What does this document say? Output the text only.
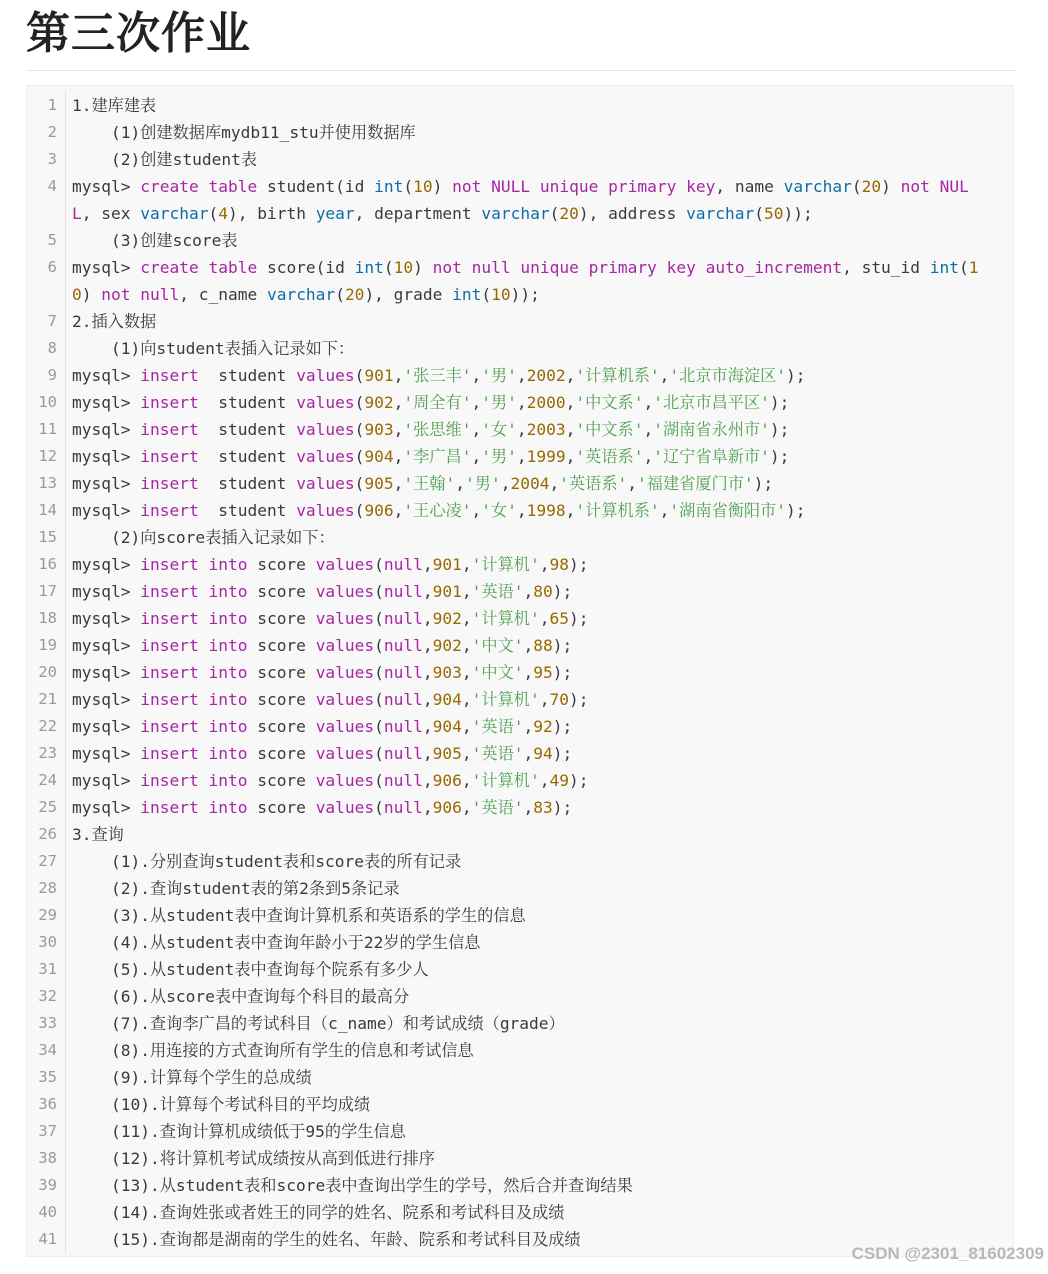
第三次作业
1 1.建库建表
2 (1)创建数据库mydb11_stu并使用数据库
3 (2)创建student表
4 mysql> create table student(id int(10) not NULL unique primary key, name varchar(20) not NULL, sex varchar(4), birth year, department varchar(20), address varchar(50));
5 (3)创建score表
6 mysql> create table score(id int(10) not null unique primary key auto_increment, stu_id int(10) not null, c_name varchar(20), grade int(10));
7 2.插入数据
8 (1)向student表插入记录如下：
9 mysql> insert  student values(901,'张三丰','男',2002,'计算机系','北京市海淀区');
10 mysql> insert  student values(902,'周全有','男',2000,'中文系','北京市昌平区');
11 mysql> insert  student values(903,'张思维','女',2003,'中文系','湖南省永州市');
12 mysql> insert  student values(904,'李广昌','男',1999,'英语系','辽宁省阜新市');
13 mysql> insert  student values(905,'王翰','男',2004,'英语系','福建省厦门市');
14 mysql> insert  student values(906,'王心凌','女',1998,'计算机系','湖南省衡阳市');
15 (2)向score表插入记录如下：
16 mysql> insert into score values(null,901,'计算机',98);
17 mysql> insert into score values(null,901,'英语',80);
18 mysql> insert into score values(null,902,'计算机',65);
19 mysql> insert into score values(null,902,'中文',88);
20 mysql> insert into score values(null,903,'中文',95);
21 mysql> insert into score values(null,904,'计算机',70);
22 mysql> insert into score values(null,904,'英语',92);
23 mysql> insert into score values(null,905,'英语',94);
24 mysql> insert into score values(null,906,'计算机',49);
25 mysql> insert into score values(null,906,'英语',83);
26 3.查询
27 (1).分别查询student表和score表的所有记录
28 (2).查询student表的第2条到5条记录
29 (3).从student表中查询计算机系和英语系的学生的信息
30 (4).从student表中查询年龄小于22岁的学生信息
31 (5).从student表中查询每个院系有多少人
32 (6).从score表中查询每个科目的最高分
33 (7).查询李广昌的考试科目（c_name）和考试成绩（grade）
34 (8).用连接的方式查询所有学生的信息和考试信息
35 (9).计算每个学生的总成绩
36 (10).计算每个考试科目的平均成绩
37 (11).查询计算机成绩低于95的学生信息
38 (12).将计算机考试成绩按从高到低进行排序
39 (13).从student表和score表中查询出学生的学号，然后合并查询结果
40 (14).查询姓张或者姓王的同学的姓名、院系和考试科目及成绩
41 (15).查询都是湖南的学生的姓名、年龄、院系和考试科目及成绩
CSDN @2301_81602309
